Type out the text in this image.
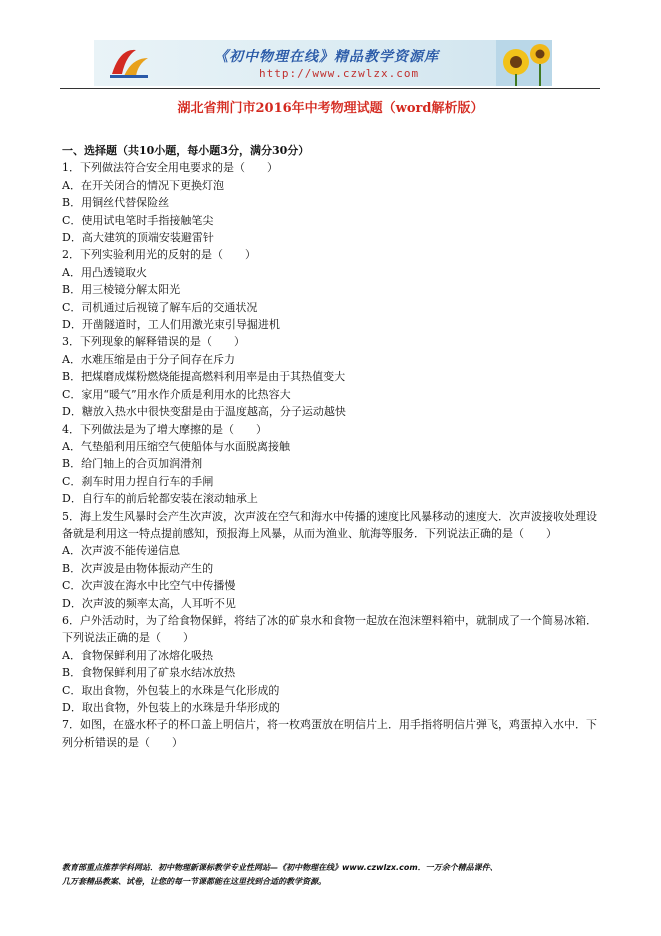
《初中物理在线》精品教学资源库
http://www.czwlzx.com
湖北省荆门市2016年中考物理试题（word解析版）
一、选择题（共10小题，每小题3分，满分30分）
1．下列做法符合安全用电要求的是（　　）
A．在开关闭合的情况下更换灯泡
B．用铜丝代替保险丝
C．使用试电笔时手指接触笔尖
D．高大建筑的顶端安装避雷针
2．下列实验利用光的反射的是（　　）
A．用凸透镜取火
B．用三棱镜分解太阳光
C．司机通过后视镜了解车后的交通状况
D．开凿隧道时，工人们用激光束引导掘进机
3．下列现象的解释错误的是（　　）
A．水难压缩是由于分子间存在斥力
B．把煤磨成煤粉燃烧能提高燃料利用率是由于其热值变大
C．家用“暖气”用水作介质是利用水的比热容大
D．糖放入热水中很快变甜是由于温度越高，分子运动越快
4．下列做法是为了增大摩擦的是（　　）
A．气垫船利用压缩空气使船体与水面脱离接触
B．给门轴上的合页加润滑剂
C．刹车时用力捏自行车的手闸
D．自行车的前后轮都安装在滚动轴承上
5．海上发生风暴时会产生次声波，次声波在空气和海水中传播的速度比风暴移动的速度大．次声波接收处理设备就是利用这一特点提前感知，预报海上风暴，从而为渔业、航海等服务．下列说法正确的是（　　）
A．次声波不能传递信息
B．次声波是由物体振动产生的
C．次声波在海水中比空气中传播慢
D．次声波的频率太高，人耳听不见
6．户外活动时，为了给食物保鲜，将结了冰的矿泉水和食物一起放在泡沫塑料箱中，就制成了一个简易冰箱．下列说法正确的是（　　）
A．食物保鲜利用了冰熔化吸热
B．食物保鲜利用了矿泉水结冰放热
C．取出食物，外包装上的水珠是气化形成的
D．取出食物，外包装上的水珠是升华形成的
7．如图，在盛水杯子的杯口盖上明信片，将一枚鸡蛋放在明信片上．用手指将明信片弹飞，鸡蛋掉入水中．下列分析错误的是（　　）
教育部重点推荐学科网站．初中物理新课标教学专业性网站—《初中物理在线》www.czwlzx.com．一万余个精品课件、
几万套精品教案、试卷，让您的每一节课都能在这里找到合适的教学资源。
